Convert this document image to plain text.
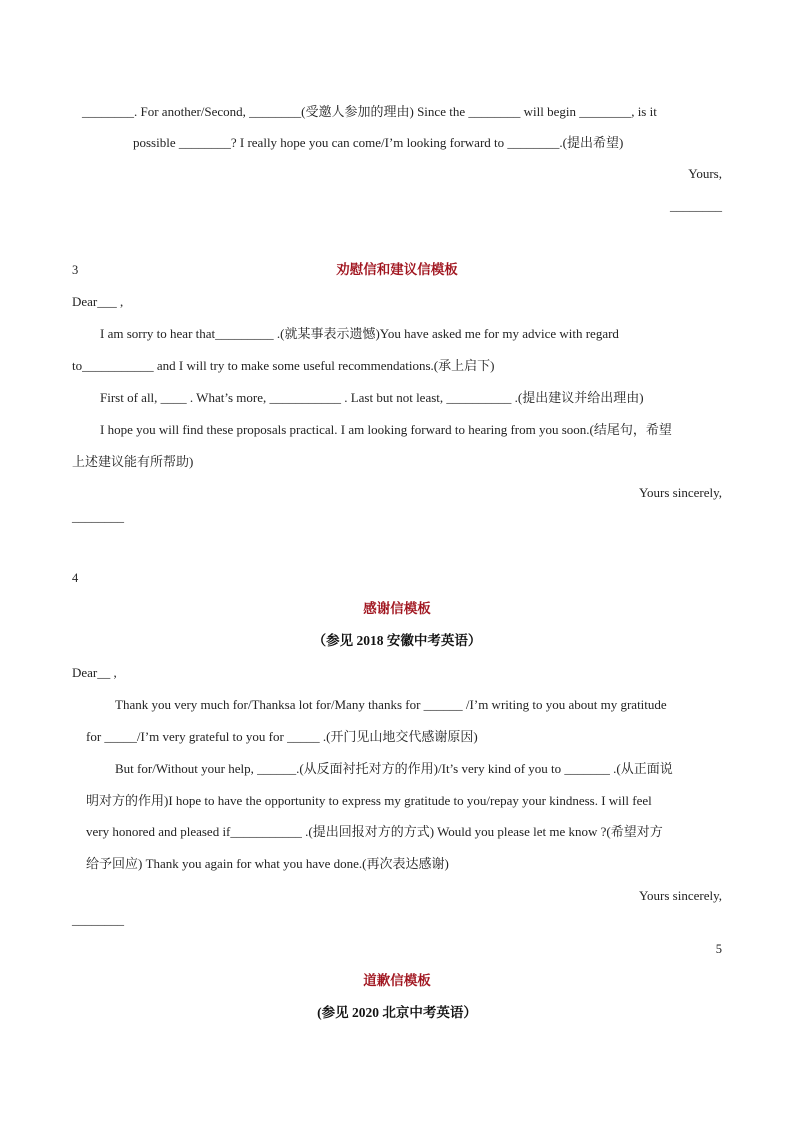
________. For another/Second, ________(受邀人参加的理由) Since the ________ will begin ________, is it
possible ________? I really hope you can come/I’m looking forward to ________.(提出希望)
Yours,
________
3	劝慰信和建议信模板
Dear___ ,
I am sorry to hear that_________ .(就某事表示遗憾)You have asked me for my advice with regard
to___________ and I will try to make some useful recommendations.(承上启下)
First of all, ____ . What’s more, ___________ . Last but not least, __________ .(提出建议并给出理由)
I hope you will find these proposals practical. I am looking forward to hearing from you soon.(结尾句，希望
上述建议能有所帮助)
Yours sincerely,
________
4
感谢信模板
（参见 2018 安徽中考英语）
Dear__ ,
Thank you very much for/Thanksa lot for/Many thanks for ______ /I’m writing to you about my gratitude
for _____/I’m very grateful to you for _____ .(开门见山地交代感谢原因)
But for/Without your help, ______.(从反面衬托对方的作用)/It’s very kind of you to _______ .(从正面说
明对方的作用)I hope to have the opportunity to express my gratitude to you/repay your kindness. I will feel
very honored and pleased if___________ .(提出回报对方的方式) Would you please let me know ?(希望对方
给予回应) Thank you again for what you have done.(再次表达感谢)
Yours sincerely,
________
5
道歉信模板
(参见 2020 北京中考英语）
